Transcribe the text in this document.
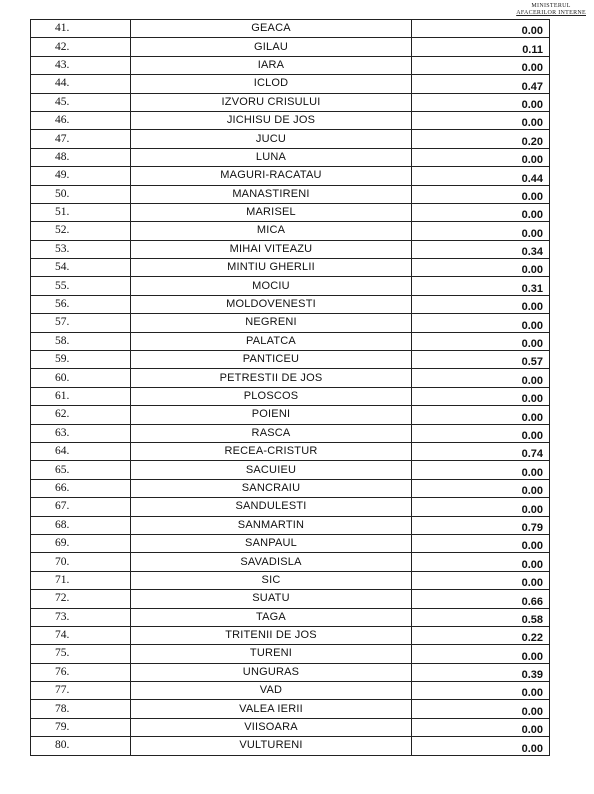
MINISTERUL
AFACERILOR INTERNE
41.	GEACA	0.00
42.	GILAU	0.11
43.	IARA	0.00
44.	ICLOD	0.47
45.	IZVORU CRISULUI	0.00
46.	JICHISU DE JOS	0.00
47.	JUCU	0.20
48.	LUNA	0.00
49.	MAGURI-RACATAU	0.44
50.	MANASTIRENI	0.00
51.	MARISEL	0.00
52.	MICA	0.00
53.	MIHAI VITEAZU	0.34
54.	MINTIU GHERLII	0.00
55.	MOCIU	0.31
56.	MOLDOVENESTI	0.00
57.	NEGRENI	0.00
58.	PALATCA	0.00
59.	PANTICEU	0.57
60.	PETRESTII DE JOS	0.00
61.	PLOSCOS	0.00
62.	POIENI	0.00
63.	RASCA	0.00
64.	RECEA-CRISTUR	0.74
65.	SACUIEU	0.00
66.	SANCRAIU	0.00
67.	SANDULESTI	0.00
68.	SANMARTIN	0.79
69.	SANPAUL	0.00
70.	SAVADISLA	0.00
71.	SIC	0.00
72.	SUATU	0.66
73.	TAGA	0.58
74.	TRITENII DE JOS	0.22
75.	TURENI	0.00
76.	UNGURAS	0.39
77.	VAD	0.00
78.	VALEA IERII	0.00
79.	VIISOARA	0.00
80.	VULTURENI	0.00
